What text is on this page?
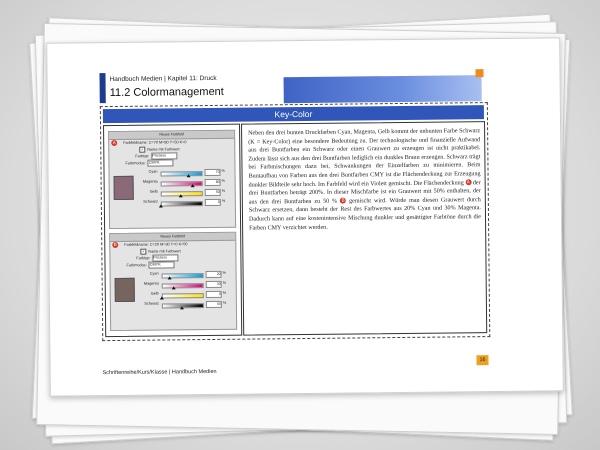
Handbuch Medien | Kapitel 11: Druck
11.2 Colormanagement
Key-Color
Neues Farbfeld
A	Farbfeldname: C=70 M=80 Y=50 K=0
✓ Name mit Farbwert
Farbtyp: Prozess
Farbmodus: CMYK
Cyan	70 %
Magenta	80 %
Gelb	50 %
Schwarz	0 %
Neues Farbfeld
B	Farbfeldname: C=20 M=30 Y=0 K=50
✓ Name mit Farbwert
Farbtyp: Prozess
Farbmodus: CMYK
Cyan	20 %
Magenta	30 %
Gelb	0 %
Schwarz	50 %

Neben den drei bunten Druckfarben Cyan, Magenta, Gelb kommt der unbunten Farbe Schwarz (K = Key-Color) eine besondere Bedeutung zu. Der technologische und finanzielle Aufwand aus drei Buntfarben ein Schwarz oder einen Grauwert zu erzeugen ist nicht praktikabel. Zudem lässt sich aus den drei Buntfarben lediglich ein dunkles Braun erzeugen. Schwarz trägt bei Farbmischungen dazu bei, Schwankungen der Einzelfarben zu minimieren. Beim Buntaufbau von Farben aus den drei Buntfarben CMY ist die Flächendeckung zur Erzeugung dunkler Bildteile sehr hoch. Im Farbfeld wird ein Violett gemischt. Die Flächendeckung A der drei Buntfarben beträgt 200%. In dieser Mischfarbe ist ein Grauwert mit 50% enthalten, der aus den drei Buntfarben zu 50 % B gemischt wird. Würde man diesen Grauwert durch Schwarz ersetzen, dann besteht der Rest des Farbwertes aus 20% Cyan und 30% Magenta. Dadurch kann auf eine kostenintensive Mischung dunkler und gesättigter Farbtöne durch die Farben CMY verzichtet werden.

Schriftenreihe/Kurs/Klasse | Handbuch Medien
16
